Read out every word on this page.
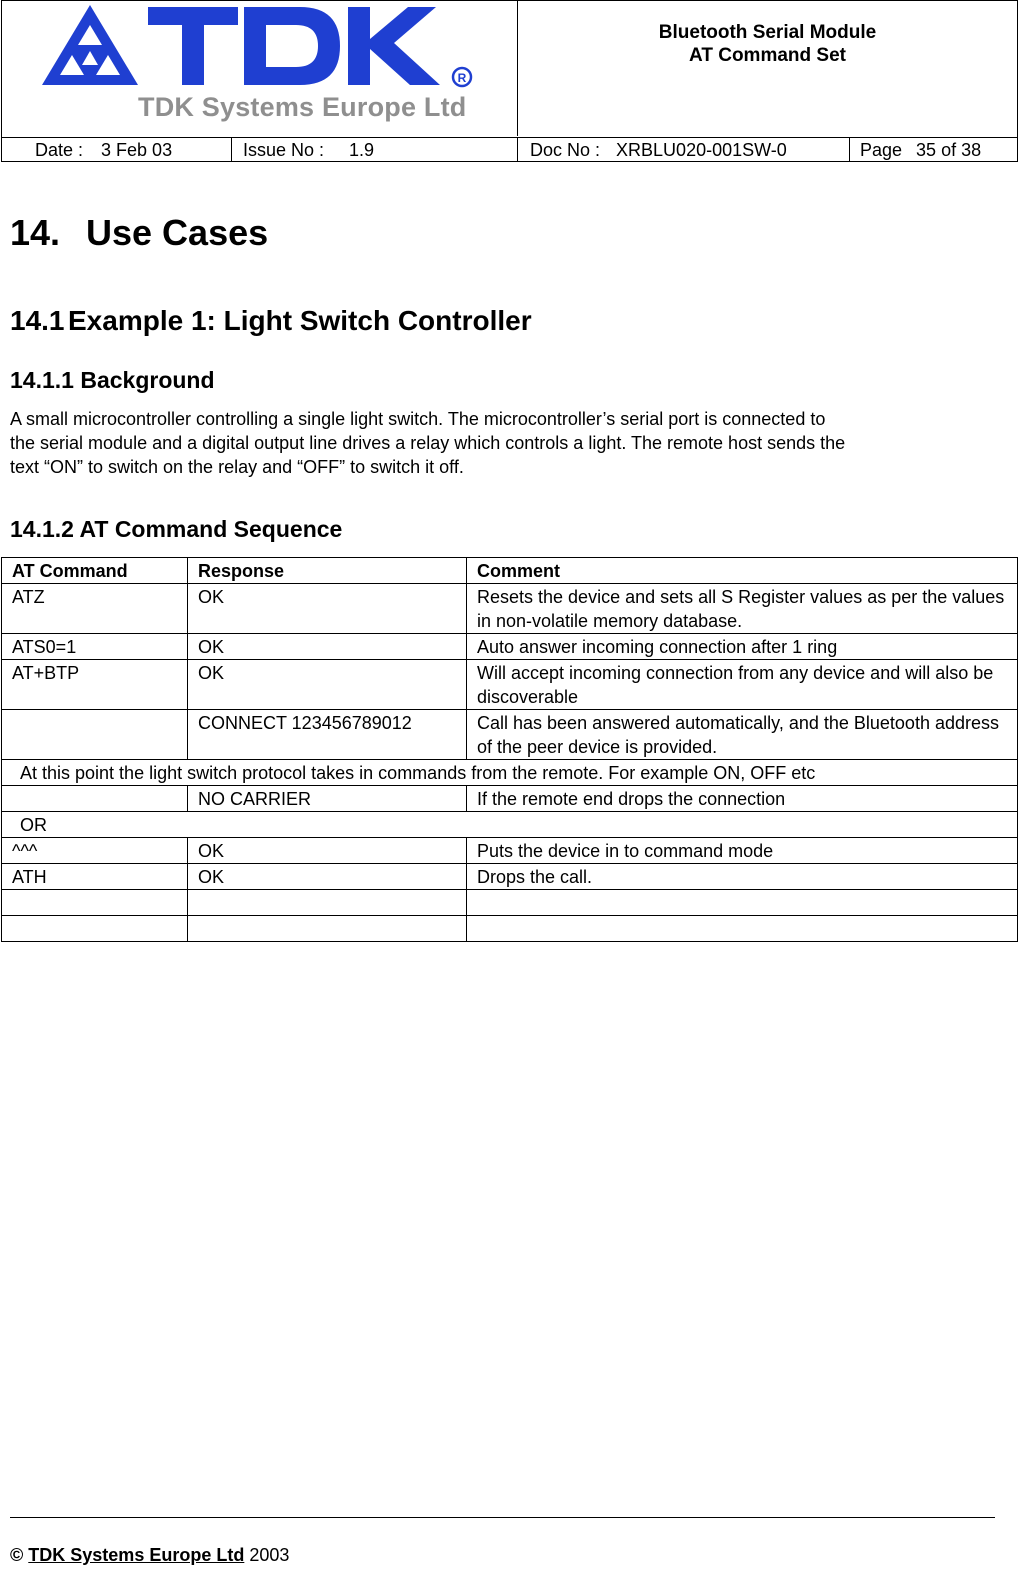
R
TDK Systems Europe Ltd
Bluetooth Serial Module
AT Command Set
Date : 3 Feb 03	Issue No : 1.9	Doc No : XRBLU020-001SW-0	Page 35 of 38
14. Use Cases
14.1 Example 1: Light Switch Controller
14.1.1 Background
A small microcontroller controlling a single light switch. The microcontroller’s serial port is connected to
the serial module and a digital output line drives a relay which controls a light. The remote host sends the
text “ON” to switch on the relay and “OFF” to switch it off.
14.1.2 AT Command Sequence
AT Command	Response	Comment
ATZ	OK	Resets the device and sets all S Register values as per the values in non-volatile memory database.
ATS0=1	OK	Auto answer incoming connection after 1 ring
AT+BTP	OK	Will accept incoming connection from any device and will also be discoverable
	CONNECT 123456789012	Call has been answered automatically, and the Bluetooth address of the peer device is provided.
At this point the light switch protocol takes in commands from the remote. For example ON, OFF etc		
	NO CARRIER	If the remote end drops the connection
OR		
^^^	OK	Puts the device in to command mode
ATH	OK	Drops the call.

© TDK Systems Europe Ltd 2003
